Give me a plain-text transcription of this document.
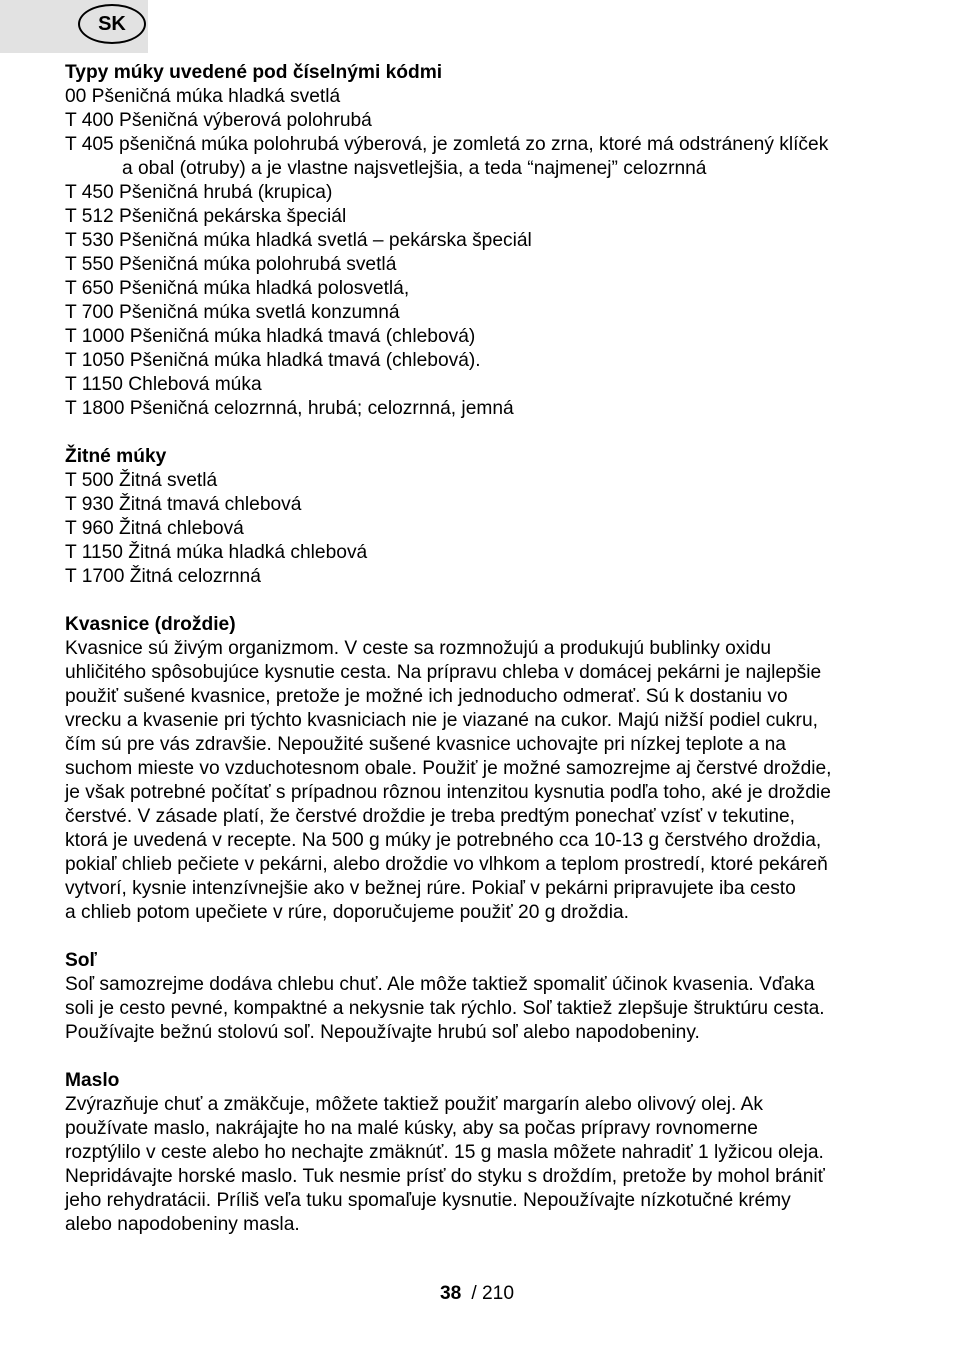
SK
Typy múky uvedené pod číselnými kódmi
00 Pšeničná múka hladká svetlá
T 400 Pšeničná výberová polohrubá
T 405 pšeničná múka polohrubá výberová, je zomletá zo zrna, ktoré má odstránený klíček
a obal (otruby) a je vlastne najsvetlejšia, a teda “najmenej” celozrnná
T 450 Pšeničná hrubá (krupica)
T 512 Pšeničná pekárska špeciál
T 530 Pšeničná múka hladká svetlá – pekárska špeciál
T 550 Pšeničná múka polohrubá svetlá
T 650 Pšeničná múka hladká polosvetlá,
T 700 Pšeničná múka svetlá konzumná
T 1000 Pšeničná múka hladká tmavá (chlebová)
T 1050 Pšeničná múka hladká tmavá (chlebová).
T 1150 Chlebová múka
T 1800 Pšeničná celozrnná, hrubá; celozrnná, jemná
Žitné múky
T 500 Žitná svetlá
T 930 Žitná tmavá chlebová
T 960 Žitná chlebová
T 1150 Žitná múka hladká chlebová
T 1700 Žitná celozrnná
Kvasnice (droždie)
Kvasnice sú živým organizmom. V ceste sa rozmnožujú a produkujú bublinky oxidu
uhličitého spôsobujúce kysnutie cesta. Na prípravu chleba v domácej pekárni je najlepšie
použiť sušené kvasnice, pretože je možné ich jednoducho odmerať. Sú k dostaniu vo
vrecku a kvasenie pri týchto kvasniciach nie je viazané na cukor. Majú nižší podiel cukru,
čím sú pre vás zdravšie. Nepoužité sušené kvasnice uchovajte pri nízkej teplote a na
suchom mieste vo vzduchotesnom obale. Použiť je možné samozrejme aj čerstvé droždie,
je však potrebné počítať s prípadnou rôznou intenzitou kysnutia podľa toho, aké je droždie
čerstvé. V zásade platí, že čerstvé droždie je treba predtým ponechať vzísť v tekutine,
ktorá je uvedená v recepte. Na 500 g múky je potrebného cca 10-13 g čerstvého droždia,
pokiaľ chlieb pečiete v pekárni, alebo droždie vo vlhkom a teplom prostredí, ktoré pekáreň
vytvorí, kysnie intenzívnejšie ako v bežnej rúre. Pokiaľ v pekárni pripravujete iba cesto
a chlieb potom upečiete v rúre, doporučujeme použiť 20 g droždia.
Soľ
Soľ samozrejme dodáva chlebu chuť. Ale môže taktiež spomaliť účinok kvasenia. Vďaka
soli je cesto pevné, kompaktné a nekysnie tak rýchlo. Soľ taktiež zlepšuje štruktúru cesta.
Používajte bežnú stolovú soľ. Nepoužívajte hrubú soľ alebo napodobeniny.
Maslo
Zvýrazňuje chuť a zmäkčuje, môžete taktiež použiť margarín alebo olivový olej. Ak
používate maslo, nakrájajte ho na malé kúsky, aby sa počas prípravy rovnomerne
rozptýlilo v ceste alebo ho nechajte zmäknúť. 15 g masla môžete nahradiť 1 lyžicou oleja.
Nepridávajte horské maslo. Tuk nesmie prísť do styku s droždím, pretože by mohol brániť
jeho rehydratácii. Príliš veľa tuku spomaľuje kysnutie. Nepoužívajte nízkotučné krémy
alebo napodobeniny masla.
38 / 210
